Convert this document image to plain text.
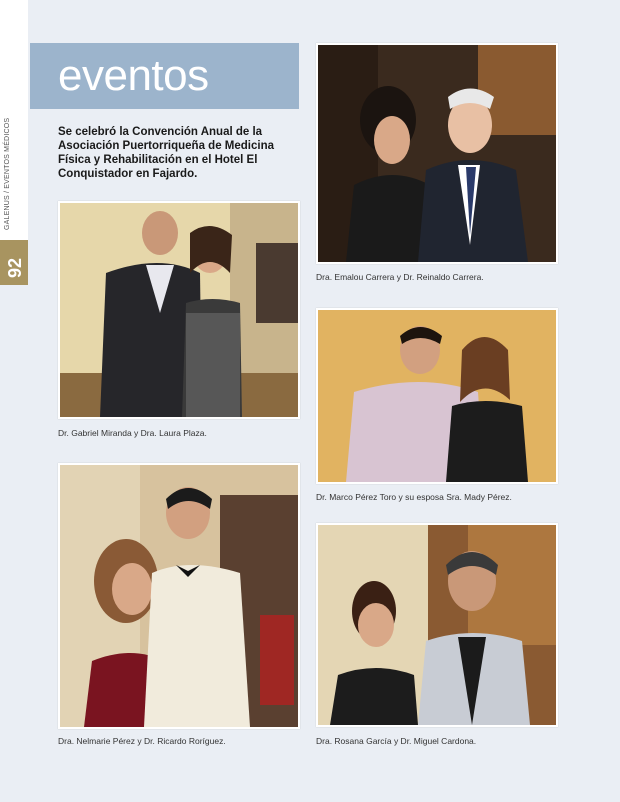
GALENUS / EVENTOS MÉDICOS
92
eventos
Se celebró la Convención Anual de la Asociación Puertorriqueña de Medicina Física y Rehabilitación en el Hotel El Conquistador en Fajardo.
Dra. Emalou Carrera y Dr. Reinaldo Carrera.
Dr. Gabriel Miranda y Dra. Laura Plaza.
Dr. Marco Pérez Toro y su esposa Sra. Mady Pérez.
Dra. Nelmarie Pérez y Dr. Ricardo Roríguez.	Dra. Rosana García y Dr. Miguel Cardona.
